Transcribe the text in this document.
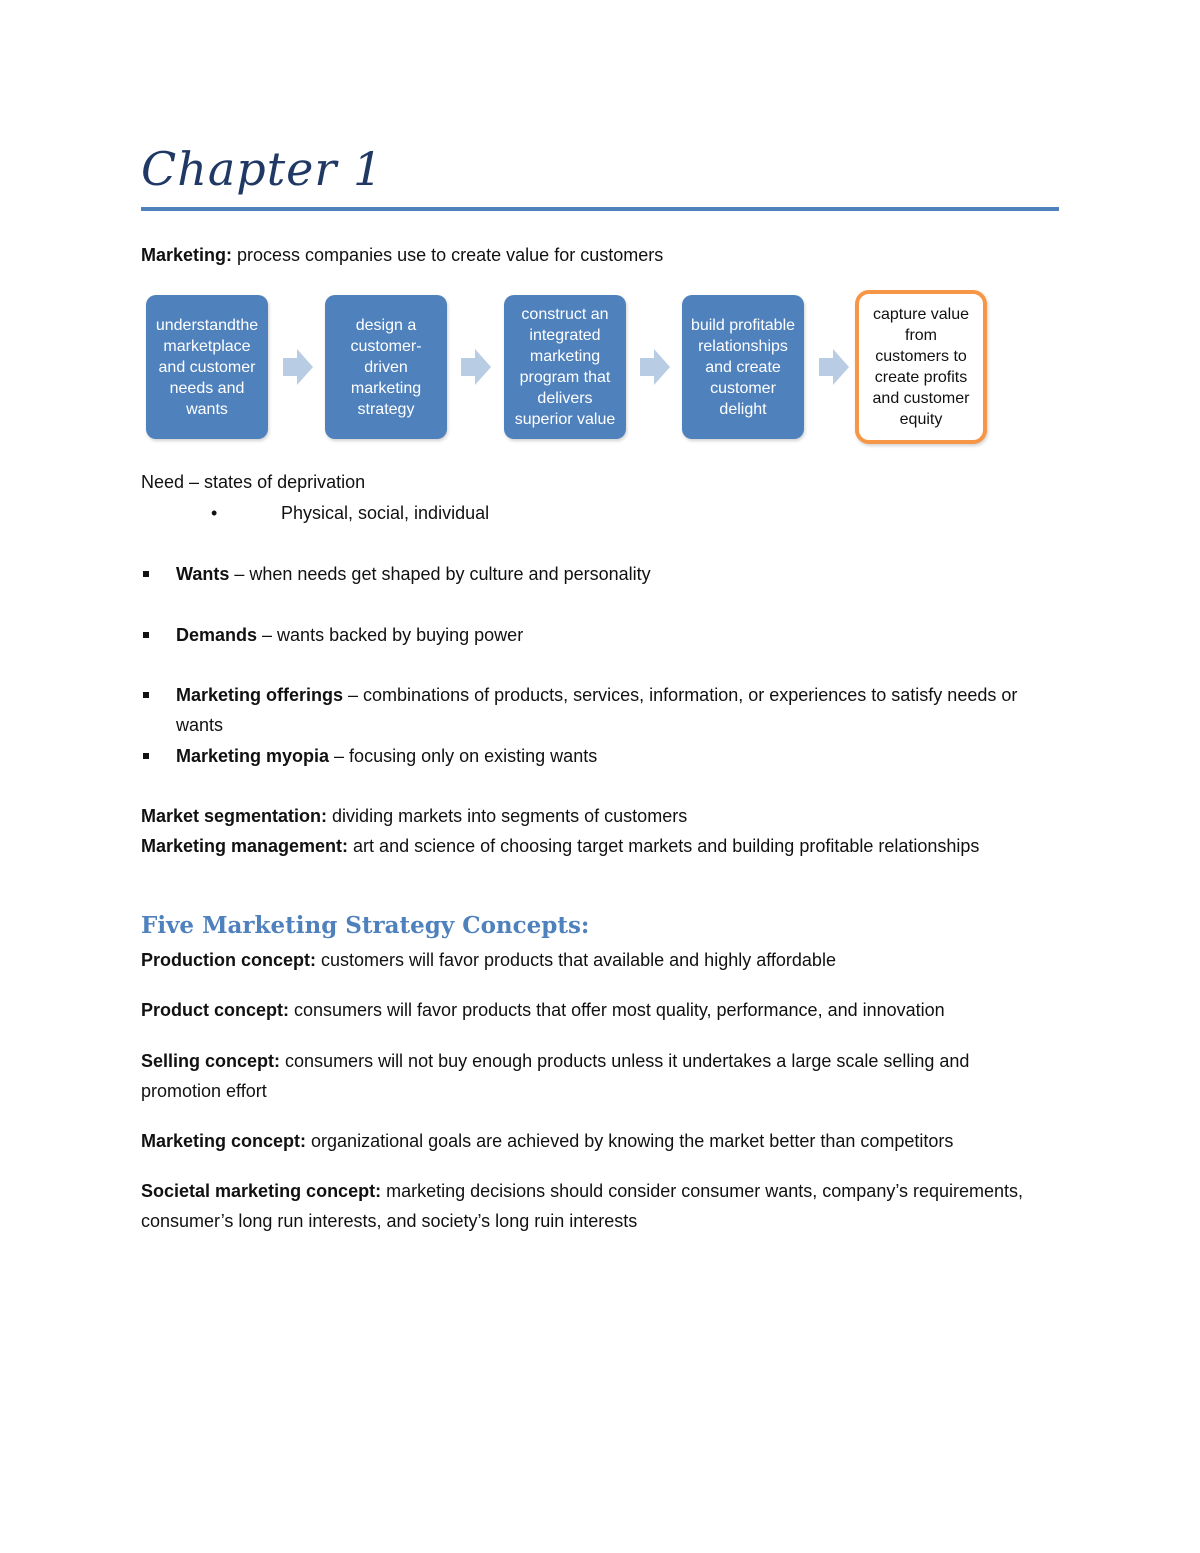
Chapter 1
Marketing: process companies use to create value for customers
understandthe marketplace and customer needs and wants
design a customer-driven marketing strategy
construct an integrated marketing program that delivers superior value
build profitable relationships and create customer delight
capture value from customers to create profits and customer equity
Need – states of deprivation
•	Physical, social, individual
Wants – when needs get shaped by culture and personality
Demands – wants backed by buying power
Marketing offerings – combinations of products, services, information, or experiences to satisfy needs or wants
Marketing myopia – focusing only on existing wants
Market segmentation: dividing markets into segments of customers
Marketing management: art and science of choosing target markets and building profitable relationships
Five Marketing Strategy Concepts:
Production concept: customers will favor products that available and highly affordable
Product concept: consumers will favor products that offer most quality, performance, and innovation
Selling concept: consumers will not buy enough products unless it undertakes a large scale selling and promotion effort
Marketing concept: organizational goals are achieved by knowing the market better than competitors
Societal marketing concept: marketing decisions should consider consumer wants, company’s requirements, consumer’s long run interests, and society’s long ruin interests
